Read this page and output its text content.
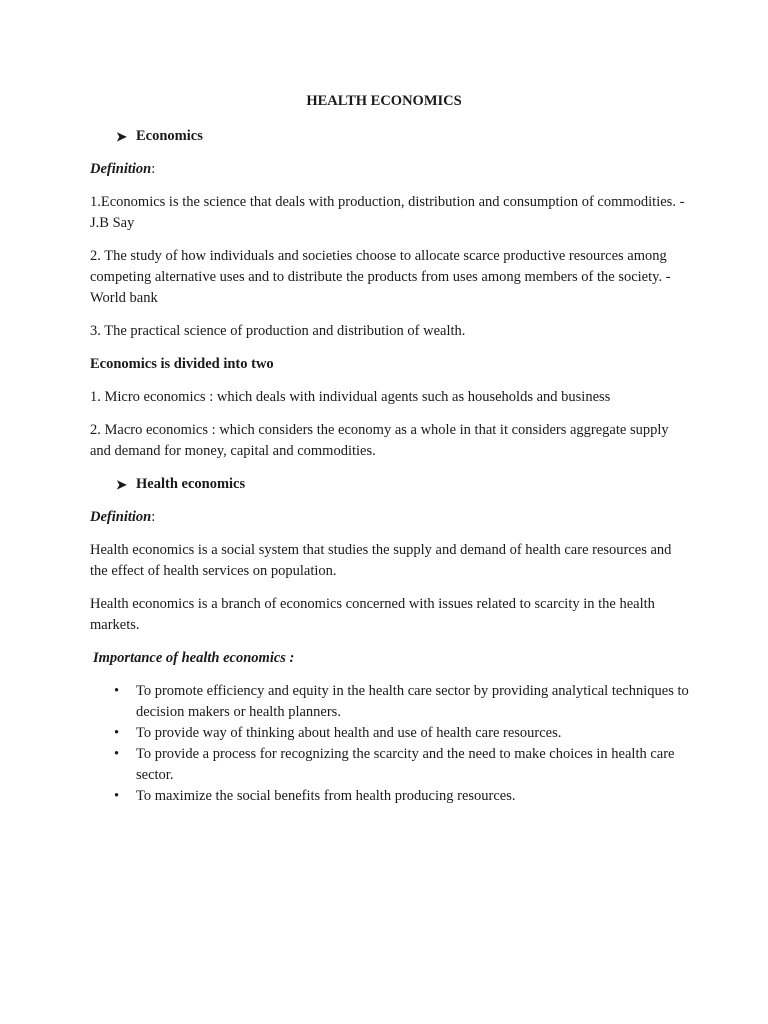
HEALTH ECONOMICS
➤ Economics

Definition:

1.Economics is the science that deals with production, distribution and consumption of commodities. - J.B Say

2. The study of how individuals and societies choose to allocate scarce productive resources among competing alternative uses and to distribute the products from uses among members of the society. - World bank

3. The practical science of production and distribution of wealth.

Economics is divided into two

1. Micro economics : which deals with individual agents such as households and business

2. Macro economics : which considers the economy as a whole in that it considers aggregate supply and demand for money, capital and commodities.

➤ Health economics

Definition:

Health economics is a social system that studies the supply and demand of health care resources and the effect of health services on population.

Health economics is a branch of economics concerned with issues related to scarcity in the health markets.

Importance of health economics :

• To promote efficiency and equity in the health care sector by providing analytical techniques to decision makers or health planners.
• To provide way of thinking about health and use of health care resources.
• To provide a process for recognizing the scarcity and the need to make choices in health care sector.
• To maximize the social benefits from health producing resources.
